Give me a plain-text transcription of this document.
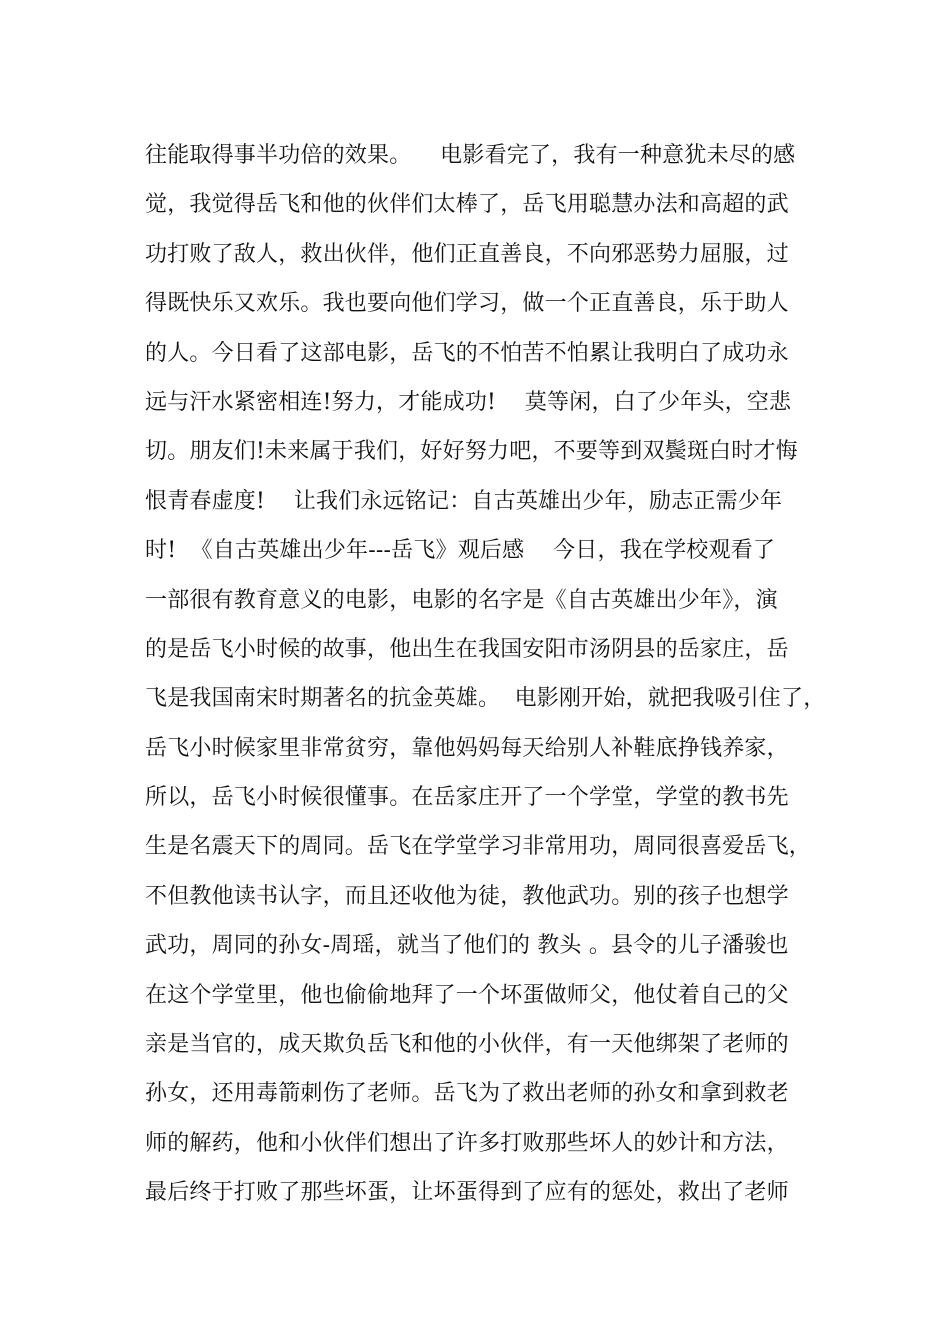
往能取得事半功倍的效果。    电影看完了，我有一种意犹未尽的感
觉，我觉得岳飞和他的伙伴们太棒了，岳飞用聪慧办法和高超的武
功打败了敌人，救出伙伴，他们正直善良，不向邪恶势力屈服，过
得既快乐又欢乐。我也要向他们学习，做一个正直善良，乐于助人
的人。今日看了这部电影，岳飞的不怕苦不怕累让我明白了成功永
远与汗水紧密相连!努力，才能成功!    莫等闲，白了少年头，空悲
切。朋友们!未来属于我们，好好努力吧，不要等到双鬓斑白时才悔
恨青春虚度!    让我们永远铭记：自古英雄出少年，励志正需少年
时!  《自古英雄出少年---岳飞》观后感    今日，我在学校观看了
一部很有教育意义的电影，电影的名字是《自古英雄出少年》，演
的是岳飞小时候的故事，他出生在我国安阳市汤阴县的岳家庄，岳
飞是我国南宋时期著名的抗金英雄。  电影刚开始，就把我吸引住了，
岳飞小时候家里非常贫穷，靠他妈妈每天给别人补鞋底挣钱养家，
所以，岳飞小时候很懂事。在岳家庄开了一个学堂，学堂的教书先
生是名震天下的周同。岳飞在学堂学习非常用功，周同很喜爱岳飞，
不但教他读书认字，而且还收他为徒，教他武功。别的孩子也想学
武功，周同的孙女-周瑶，就当了他们的 教头 。县令的儿子潘骏也
在这个学堂里，他也偷偷地拜了一个坏蛋做师父，他仗着自己的父
亲是当官的，成天欺负岳飞和他的小伙伴，有一天他绑架了老师的
孙女，还用毒箭刺伤了老师。岳飞为了救出老师的孙女和拿到救老
师的解药，他和小伙伴们想出了许多打败那些坏人的妙计和方法，
最后终于打败了那些坏蛋，让坏蛋得到了应有的惩处，救出了老师
